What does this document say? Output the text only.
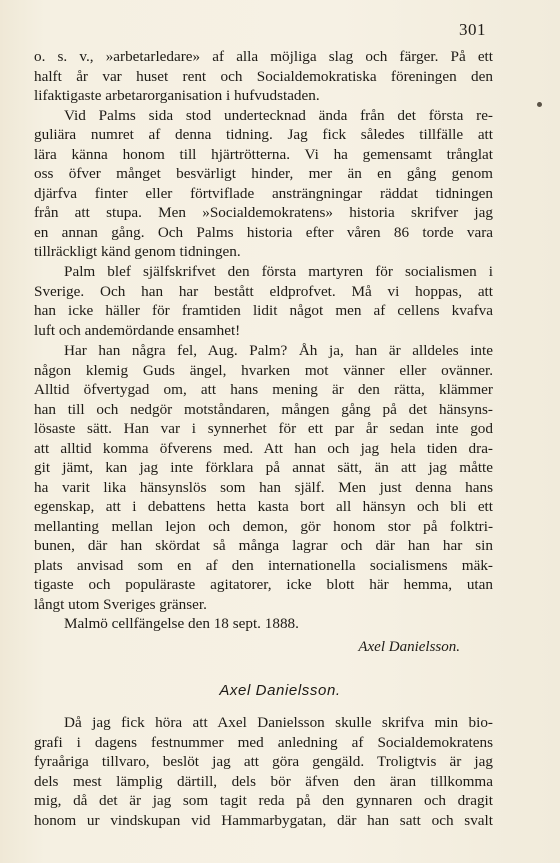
301
o. s. v., »arbetarledare» af alla möjliga slag och färger. På ett
halft år var huset rent och Socialdemokratiska föreningen den
lifaktigaste arbetarorganisation i hufvudstaden.
Vid Palms sida stod undertecknad ända från det första re-
guliära numret af denna tidning. Jag fick således tillfälle att
lära känna honom till hjärtrötterna. Vi ha gemensamt trånglat
oss öfver månget besvärligt hinder, mer än en gång genom
djärfva finter eller förtviflade ansträngningar räddat tidningen
från att stupa. Men »Socialdemokratens» historia skrifver jag
en annan gång. Och Palms historia efter våren 86 torde vara
tillräckligt känd genom tidningen.
Palm blef själfskrifvet den första martyren för socialismen i
Sverige. Och han har bestått eldprofvet. Må vi hoppas, att
han icke häller för framtiden lidit något men af cellens kvafva
luft och andemördande ensamhet!
Har han några fel, Aug. Palm? Åh ja, han är alldeles inte
någon klemig Guds ängel, hvarken mot vänner eller ovänner.
Alltid öfvertygad om, att hans mening är den rätta, klämmer
han till och nedgör motståndaren, mången gång på det hänsyns-
lösaste sätt. Han var i synnerhet för ett par år sedan inte god
att alltid komma öfverens med. Att han och jag hela tiden dra-
git jämt, kan jag inte förklara på annat sätt, än att jag måtte
ha varit lika hänsynslös som han själf. Men just denna hans
egenskap, att i debattens hetta kasta bort all hänsyn och bli ett
mellanting mellan lejon och demon, gör honom stor på folktri-
bunen, där han skördat så många lagrar och där han har sin
plats anvisad som en af den internationella socialismens mäk-
tigaste och populäraste agitatorer, icke blott här hemma, utan
långt utom Sveriges gränser.
Malmö cellfängelse den 18 sept. 1888.
Axel Danielsson.
Axel Danielsson.
Då jag fick höra att Axel Danielsson skulle skrifva min bio-
grafi i dagens festnummer med anledning af Socialdemokratens
fyraåriga tillvaro, beslöt jag att göra gengäld. Troligtvis är jag
dels mest lämplig därtill, dels bör äfven den äran tillkomma
mig, då det är jag som tagit reda på den gynnaren och dragit
honom ur vindskupan vid Hammarbygatan, där han satt och svalt
